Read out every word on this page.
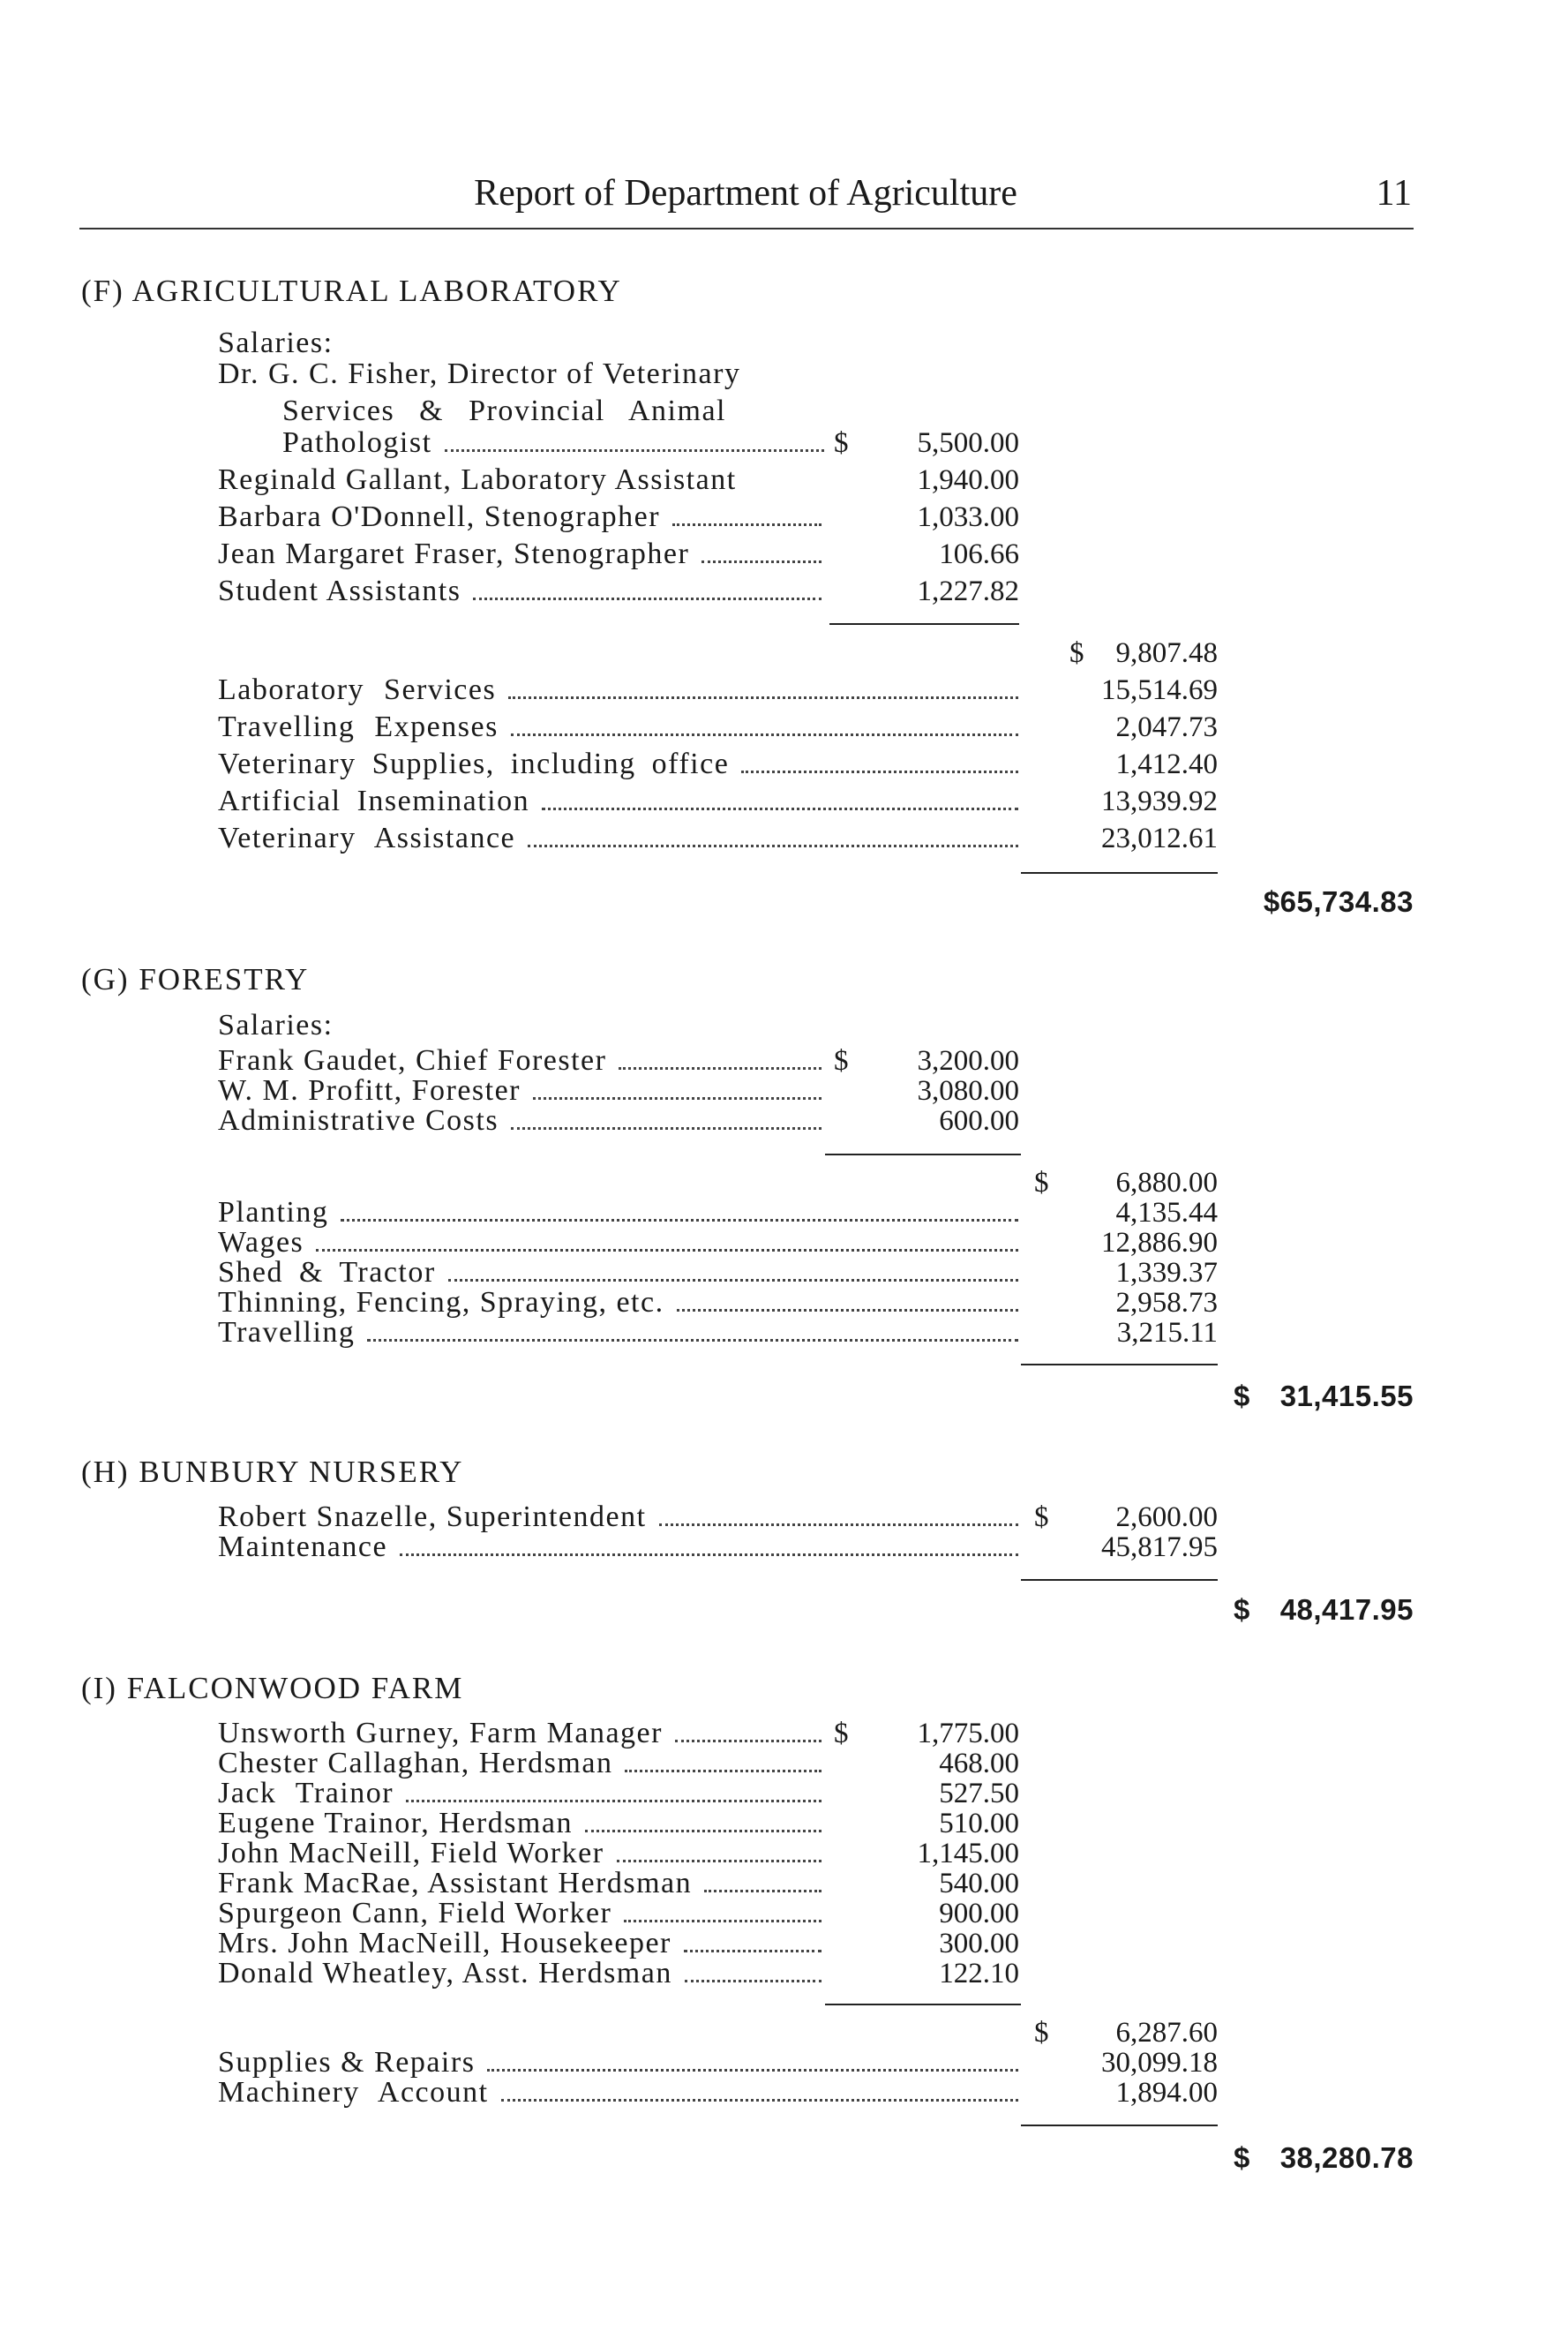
Report of Department of Agriculture	11
(F) AGRICULTURAL LABORATORY
Salaries:
Dr. G. C. Fisher, Director of Veterinary
Services & Provincial Animal
Pathologist	$	5,500.00
Reginald Gallant, Laboratory Assistant	1,940.00
Barbara O'Donnell, Stenographer	1,033.00
Jean Margaret Fraser, Stenographer	106.66
Student Assistants	1,227.82
$	9,807.48
Laboratory Services	15,514.69
Travelling Expenses	2,047.73
Veterinary Supplies, including office	1,412.40
Artificial Insemination	13,939.92
Veterinary Assistance	23,012.61
$65,734.83
(G) FORESTRY
Salaries:
Frank Gaudet, Chief Forester	$	3,200.00
W. M. Profitt, Forester	3,080.00
Administrative Costs	600.00
$	6,880.00
Planting	4,135.44
Wages	12,886.90
Shed & Tractor	1,339.37
Thinning, Fencing, Spraying, etc.	2,958.73
Travelling	3,215.11
$	31,415.55
(H) BUNBURY NURSERY
Robert Snazelle, Superintendent	$	2,600.00
Maintenance	45,817.95
$	48,417.95
(I) FALCONWOOD FARM
Unsworth Gurney, Farm Manager	$	1,775.00
Chester Callaghan, Herdsman	468.00
Jack Trainor	527.50
Eugene Trainor, Herdsman	510.00
John MacNeill, Field Worker	1,145.00
Frank MacRae, Assistant Herdsman	540.00
Spurgeon Cann, Field Worker	900.00
Mrs. John MacNeill, Housekeeper	300.00
Donald Wheatley, Asst. Herdsman	122.10
$	6,287.60
Supplies & Repairs	30,099.18
Machinery Account	1,894.00
$	38,280.78
